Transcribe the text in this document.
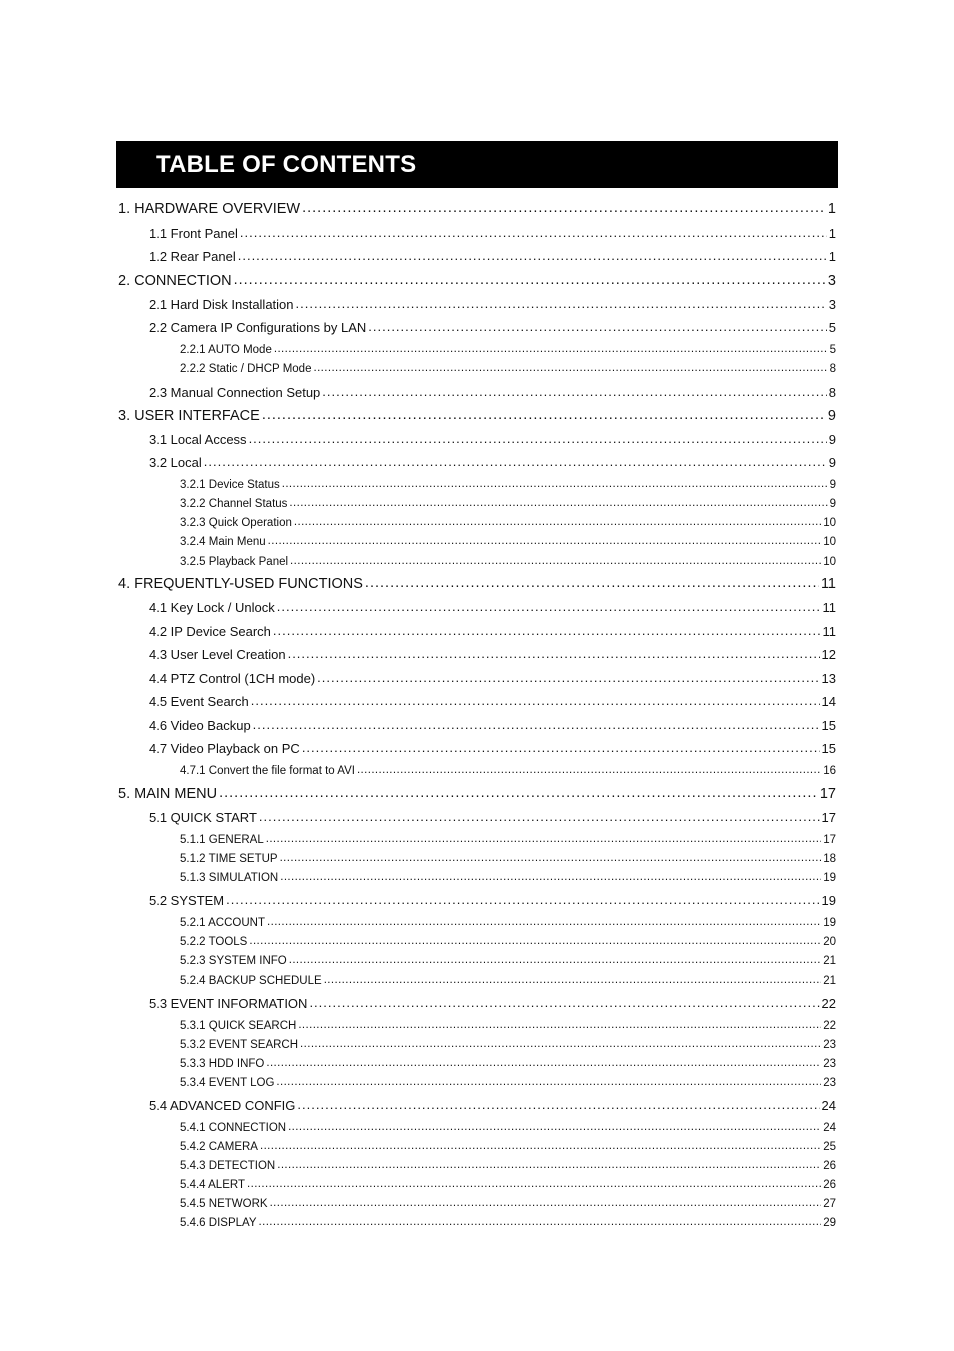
TABLE OF CONTENTS
1. HARDWARE OVERVIEW .....	1
1.1 Front Panel .....	1
1.2 Rear Panel .....	1
2. CONNECTION .....	3
2.1 Hard Disk Installation .....	3
2.2 Camera IP Configurations by LAN .....	5
2.2.1 AUTO Mode .....	5
2.2.2 Static / DHCP Mode .....	8
2.3 Manual Connection Setup .....	8
3. USER INTERFACE .....	9
3.1 Local Access .....	9
3.2 Local .....	9
3.2.1 Device Status .....	9
3.2.2 Channel Status .....	9
3.2.3 Quick Operation .....	10
3.2.4 Main Menu .....	10
3.2.5 Playback Panel .....	10
4. FREQUENTLY-USED FUNCTIONS .....	11
4.1 Key Lock / Unlock .....	11
4.2 IP Device Search .....	11
4.3 User Level Creation .....	12
4.4 PTZ Control (1CH mode) .....	13
4.5 Event Search .....	14
4.6 Video Backup .....	15
4.7 Video Playback on PC .....	15
4.7.1 Convert the file format to AVI .....	16
5. MAIN MENU .....	17
5.1 QUICK START .....	17
5.1.1 GENERAL .....	17
5.1.2 TIME SETUP .....	18
5.1.3 SIMULATION .....	19
5.2 SYSTEM .....	19
5.2.1 ACCOUNT .....	19
5.2.2 TOOLS .....	20
5.2.3 SYSTEM INFO .....	21
5.2.4 BACKUP SCHEDULE .....	21
5.3 EVENT INFORMATION .....	22
5.3.1 QUICK SEARCH .....	22
5.3.2 EVENT SEARCH .....	23
5.3.3 HDD INFO .....	23
5.3.4 EVENT LOG .....	23
5.4 ADVANCED CONFIG .....	24
5.4.1 CONNECTION .....	24
5.4.2 CAMERA .....	25
5.4.3 DETECTION .....	26
5.4.4 ALERT .....	26
5.4.5 NETWORK .....	27
5.4.6 DISPLAY .....	29
